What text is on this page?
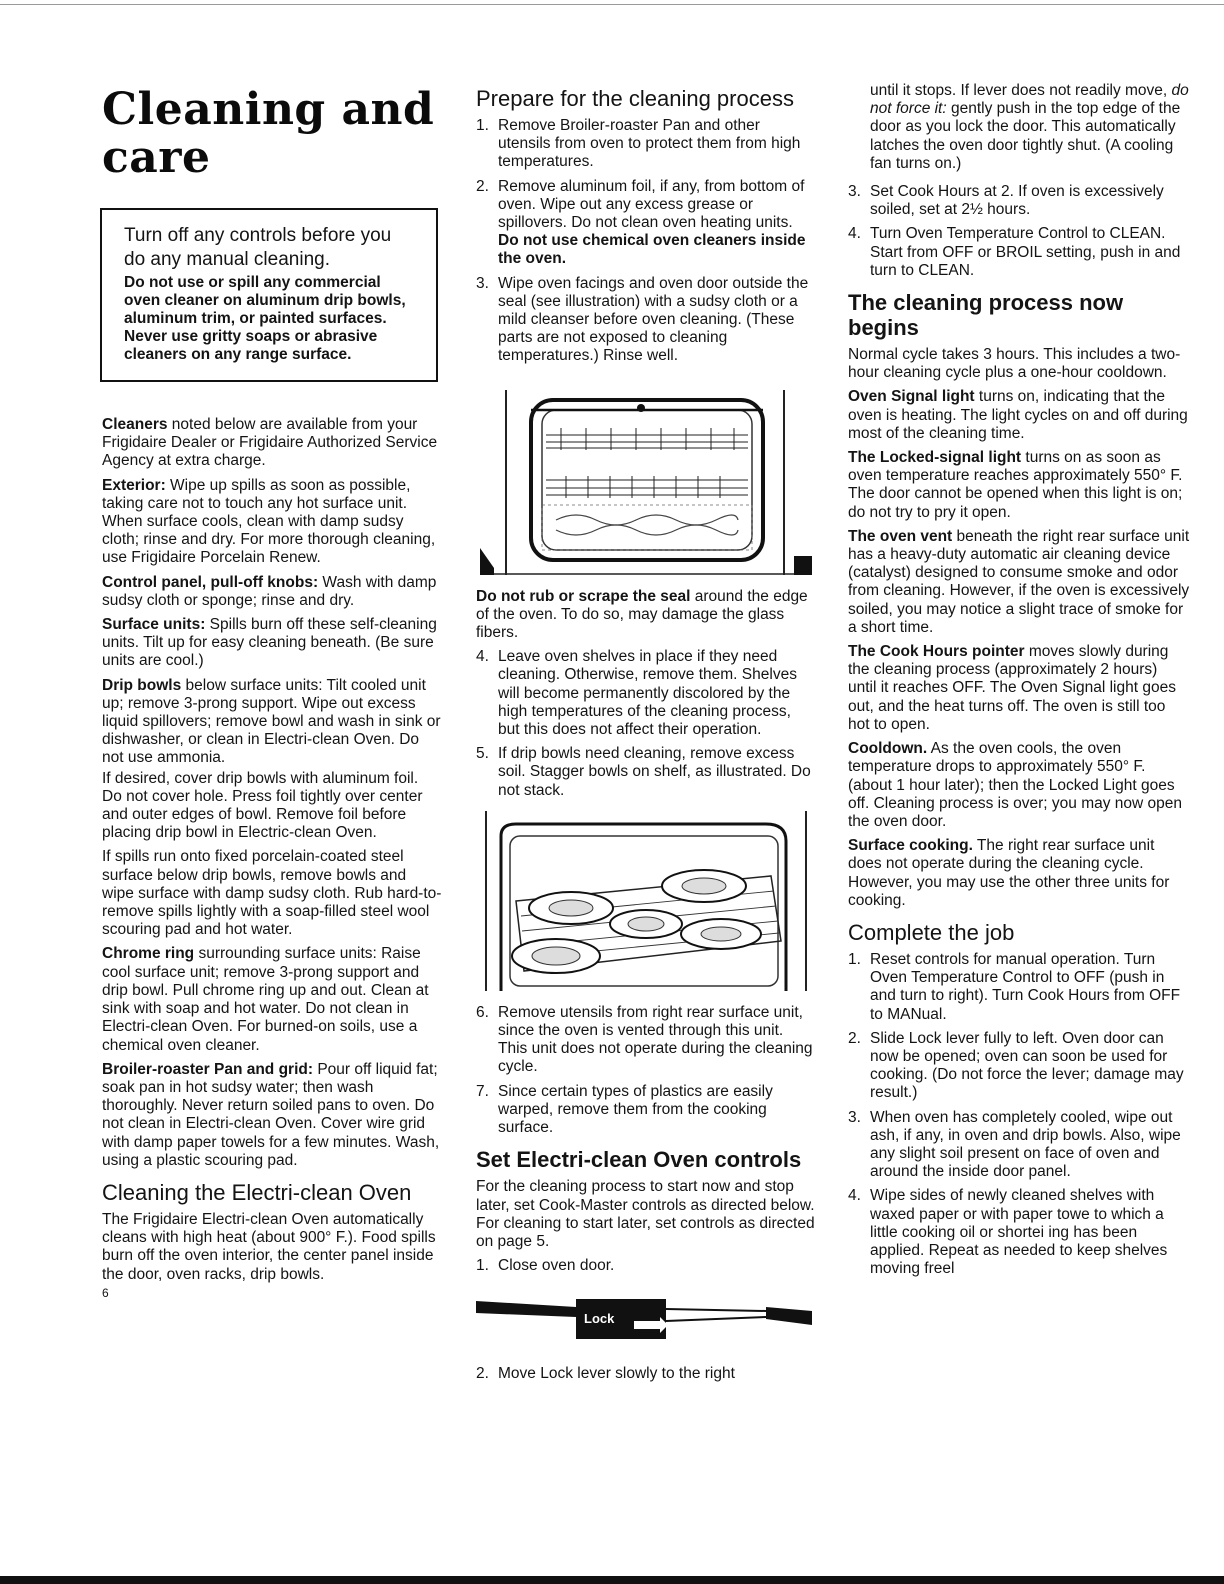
Cleaning and
care

Turn off any controls before you do any manual cleaning.

Do not use or spill any commercial oven cleaner on aluminum drip bowls, aluminum trim, or painted surfaces. Never use gritty soaps or abrasive cleaners on any range surface.

Cleaners noted below are available from your Frigidaire Dealer or Frigidaire Authorized Service Agency at extra charge.

Exterior: Wipe up spills as soon as possible, taking care not to touch any hot surface unit. When surface cools, clean with damp sudsy cloth; rinse and dry. For more thorough cleaning, use Frigidaire Porcelain Renew.

Control panel, pull-off knobs: Wash with damp sudsy cloth or sponge; rinse and dry.

Surface units: Spills burn off these self-cleaning units. Tilt up for easy cleaning beneath. (Be sure units are cool.)

Drip bowls below surface units: Tilt cooled unit up; remove 3-prong support. Wipe out excess liquid spillovers; remove bowl and wash in sink or dishwasher, or clean in Electri-clean Oven. Do not use ammonia.

If desired, cover drip bowls with aluminum foil. Do not cover hole. Press foil tightly over center and outer edges of bowl. Remove foil before placing drip bowl in Electric-clean Oven.

If spills run onto fixed porcelain-coated steel surface below drip bowls, remove bowls and wipe surface with damp sudsy cloth. Rub hard-to-remove spills lightly with a soap-filled steel wool scouring pad and hot water.

Chrome ring surrounding surface units: Raise cool surface unit; remove 3-prong support and drip bowl. Pull chrome ring up and out. Clean at sink with soap and hot water. Do not clean in Electri-clean Oven. For burned-on soils, use a chemical oven cleaner.

Broiler-roaster Pan and grid: Pour off liquid fat; soak pan in hot sudsy water; then wash thoroughly. Never return soiled pans to oven. Do not clean in Electri-clean Oven. Cover wire grid with damp paper towels for a few minutes. Wash, using a plastic scouring pad.

Cleaning the Electri-clean Oven

The Frigidaire Electri-clean Oven automatically cleans with high heat (about 900° F.). Food spills burn off the oven interior, the center panel inside the door, oven racks, drip bowls.

6
Prepare for the cleaning process
1. Remove Broiler-roaster Pan and other utensils from oven to protect them from high temperatures.
2. Remove aluminum foil, if any, from bottom of oven. Wipe out any excess grease or spillovers. Do not clean oven heating units. Do not use chemical oven cleaners inside the oven.
3. Wipe oven facings and oven door outside the seal (see illustration) with a sudsy cloth or a mild cleanser before oven cleaning. (These parts are not exposed to cleaning temperatures.) Rinse well.

Do not rub or scrape the seal around the edge of the oven. To do so, may damage the glass fibers.

4. Leave oven shelves in place if they need cleaning. Otherwise, remove them. Shelves will become permanently discolored by the high temperatures of the cleaning process, but this does not affect their operation.
5. If drip bowls need cleaning, remove excess soil. Stagger bowls on shelf, as illustrated. Do not stack.
6. Remove utensils from right rear surface unit, since the oven is vented through this unit. This unit does not operate during the cleaning cycle.
7. Since certain types of plastics are easily warped, remove them from the cooking surface.
Set Electri-clean Oven controls

For the cleaning process to start now and stop later, set Cook-Master controls as directed below. For cleaning to start later, set controls as directed on page 5.

1. Close oven door.
Lock
2. Move Lock lever slowly to the right

until it stops. If lever does not readily move, do not force it: gently push in the top edge of the door as you lock the door. This automatically latches the oven door tightly shut. (A cooling fan turns on.)

3. Set Cook Hours at 2. If oven is excessively soiled, set at 2½ hours.
4. Turn Oven Temperature Control to CLEAN. Start from OFF or BROIL setting, push in and turn to CLEAN.
The cleaning process now begins

Normal cycle takes 3 hours. This includes a two-hour cleaning cycle plus a one-hour cooldown.

Oven Signal light turns on, indicating that the oven is heating. The light cycles on and off during most of the cleaning time.

The Locked-signal light turns on as soon as oven temperature reaches approximately 550° F. The door cannot be opened when this light is on; do not try to pry it open.

The oven vent beneath the right rear surface unit has a heavy-duty automatic air cleaning device (catalyst) designed to consume smoke and odor from cleaning. However, if the oven is excessively soiled, you may notice a slight trace of smoke for a short time.

The Cook Hours pointer moves slowly during the cleaning process (approximately 2 hours) until it reaches OFF. The Oven Signal light goes out, and the heat turns off. The oven is still too hot to open.

Cooldown. As the oven cools, the oven temperature drops to approximately 550° F. (about 1 hour later); then the Locked Light goes off. Cleaning process is over; you may now open the oven door.

Surface cooking. The right rear surface unit does not operate during the cleaning cycle. However, you may use the other three units for cooking.

Complete the job
1. Reset controls for manual operation. Turn Oven Temperature Control to OFF (push in and turn to right). Turn Cook Hours from OFF to MANual.
2. Slide Lock lever fully to left. Oven door can now be opened; oven can soon be used for cooking. (Do not force the lever; damage may result.)
3. When oven has completely cooled, wipe out ash, if any, in oven and drip bowls. Also, wipe any slight soil present on face of oven and around the inside door panel.
4. Wipe sides of newly cleaned shelves with waxed paper or with paper towe to which a little cooking oil or shortei ing has been applied. Repeat as needed to keep shelves moving freel
